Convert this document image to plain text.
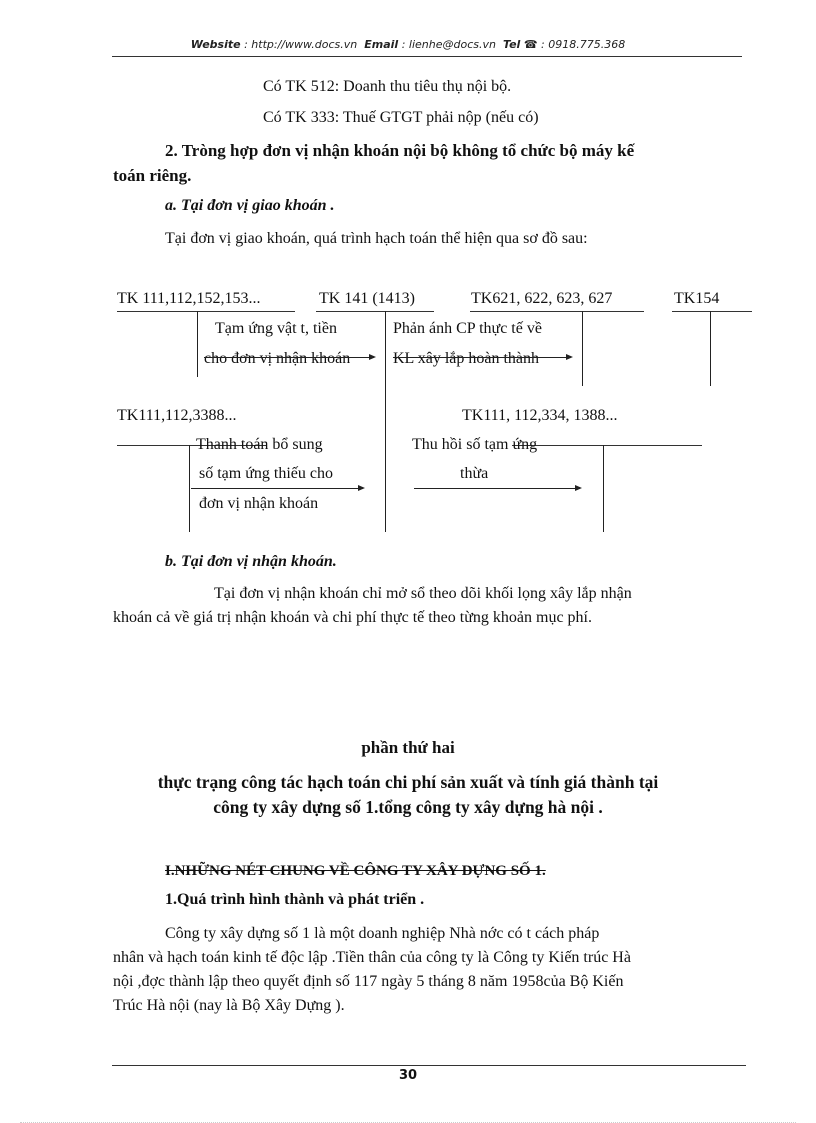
Website : http://www.docs.vn Email : lienhe@docs.vn Tel ☎ : 0918.775.368
Có TK 512: Doanh thu tiêu thụ nội bộ.
Có TK 333: Thuế GTGT phải nộp (nếu có)
2. Tròng hợp đơn vị nhận khoán nội bộ không tổ chức bộ máy kế
toán riêng.
a. Tại đơn vị giao khoán .
Tại đơn vị giao khoán, quá trình hạch toán thể hiện qua sơ đồ sau:
TK 111,112,152,153...	TK 141 (1413)	TK621, 622, 623, 627	TK154
Tạm ứng vật t, tiền
cho đơn vị nhận khoán
Phản ánh CP thực tế về
KL xây lắp hoàn thành
TK111,112,3388...	TK111, 112,334, 1388...
Thanh toán bổ sung
số tạm ứng thiếu cho
đơn vị nhận khoán
Thu hồi số tạm ứng
thừa
b. Tại đơn vị nhận khoán.
Tại đơn vị nhận khoán chỉ mở sổ theo dõi khối lọng xây lắp nhận
khoán cả về giá trị nhận khoán và chi phí thực tế theo từng khoản mục phí.
phần thứ hai
thực trạng công tác hạch toán chi phí sản xuất và tính giá thành tại
công ty xây dựng số 1.tổng công ty xây dựng hà nội .
I.NHỮNG NÉT CHUNG VỀ CÔNG TY XÂY DỰNG SỐ 1.
1.Quá trình hình thành và phát triển .
Công ty xây dựng số 1 là một doanh nghiệp Nhà nớc có t cách pháp
nhân và hạch toán kinh tế độc lập .Tiền thân của công ty là Công ty Kiến trúc Hà
nội ,đợc thành lập theo quyết định số 117 ngày 5 tháng 8 năm 1958của Bộ Kiến
Trúc Hà nội (nay là Bộ Xây Dựng ).
30
